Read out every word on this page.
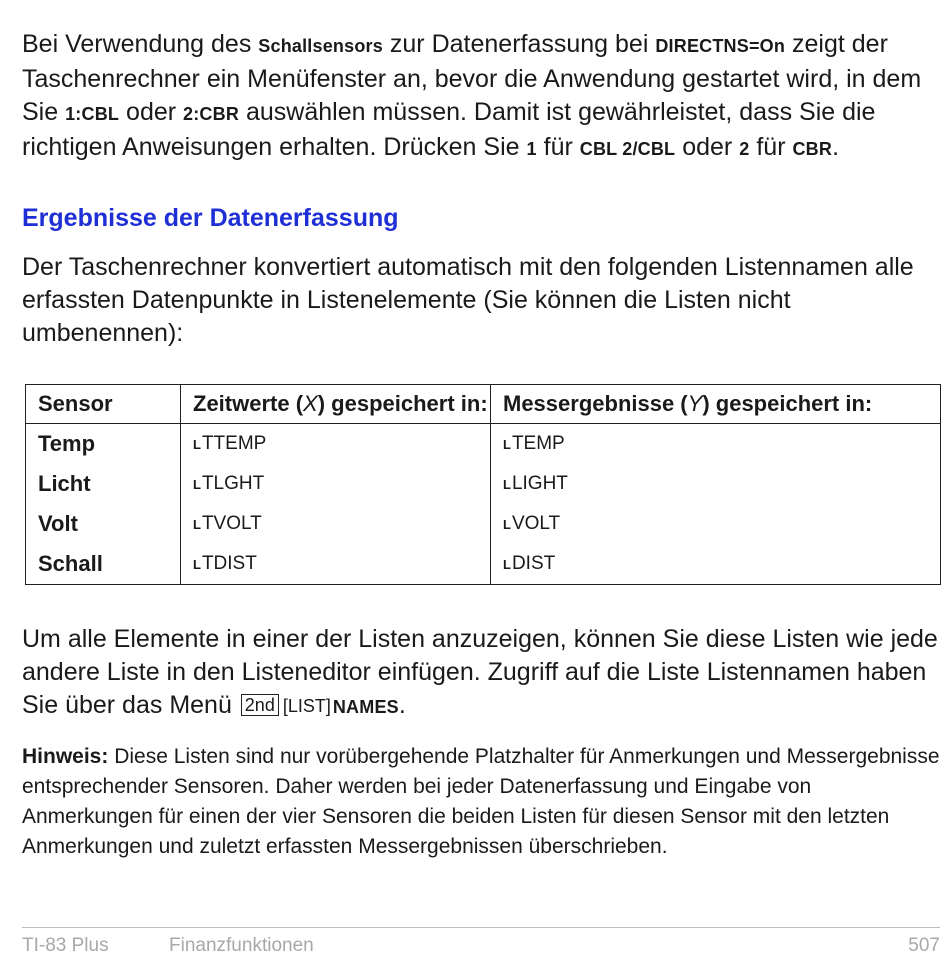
Bei Verwendung des Schallsensors zur Datenerfassung bei DIRECTNS=On zeigt der Taschenrechner ein Menüfenster an, bevor die Anwendung gestartet wird, in dem Sie 1:CBL oder 2:CBR auswählen müssen. Damit ist gewährleistet, dass Sie die richtigen Anweisungen erhalten. Drücken Sie 1 für CBL 2/CBL oder 2 für CBR.

Ergebnisse der Datenerfassung

Der Taschenrechner konvertiert automatisch mit den folgenden Listennamen alle erfassten Datenpunkte in Listenelemente (Sie können die Listen nicht umbenennen):

Sensor	Zeitwerte (X) gespeichert in:	Messergebnisse (Y) gespeichert in:
Temp	LTTEMP	LTEMP
Licht	LTLGHT	LLIGHT
Volt	LTVOLT	LVOLT
Schall	LTDIST	LDIST

Um alle Elemente in einer der Listen anzuzeigen, können Sie diese Listen wie jede andere Liste in den Listeneditor einfügen. Zugriff auf die Liste Listennamen haben Sie über das Menü 2nd [LIST] NAMES.

Hinweis: Diese Listen sind nur vorübergehende Platzhalter für Anmerkungen und Messergebnisse entsprechender Sensoren. Daher werden bei jeder Datenerfassung und Eingabe von Anmerkungen für einen der vier Sensoren die beiden Listen für diesen Sensor mit den letzten Anmerkungen und zuletzt erfassten Messergebnissen überschrieben.

TI-83 Plus	Finanzfunktionen	507
